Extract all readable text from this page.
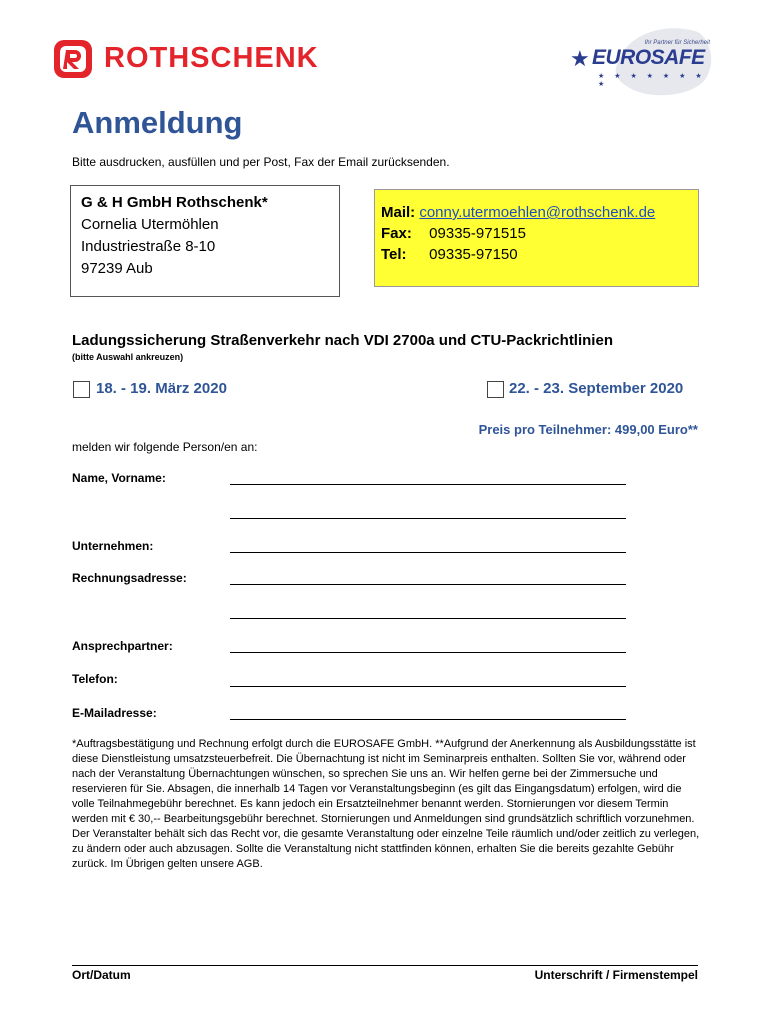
ROTHSCHENK	Ihr Partner für Sicherheit
★ EUROSAFE
★ ★ ★ ★ ★ ★ ★ ★
Anmeldung
Bitte ausdrucken, ausfüllen und per Post, Fax der Email zurücksenden.
G & H GmbH Rothschenk*
Cornelia Utermöhlen
Industriestraße 8-10
97239 Aub
Mail: conny.utermoehlen@rothschenk.de
Fax: 09335-971515
Tel: 09335-97150
Ladungssicherung Straßenverkehr nach VDI 2700a und CTU-Packrichtlinien
(bitte Auswahl ankreuzen)
18. - 19. März 2020	22. - 23. September 2020
Preis pro Teilnehmer: 499,00 Euro**
melden wir folgende Person/en an:
Name, Vorname:
Unternehmen:
Rechnungsadresse:
Ansprechpartner:
Telefon:
E-Mailadresse:
*Auftragsbestätigung und Rechnung erfolgt durch die EUROSAFE GmbH. **Aufgrund der Anerkennung als Ausbildungsstätte ist diese Dienstleistung umsatzsteuerbefreit. Die Übernachtung ist nicht im Seminarpreis enthalten. Sollten Sie vor, während oder nach der Veranstaltung Übernachtungen wünschen, so sprechen Sie uns an. Wir helfen gerne bei der Zimmersuche und reservieren für Sie. Absagen, die innerhalb 14 Tagen vor Veranstaltungsbeginn (es gilt das Eingangsdatum) erfolgen, wird die volle Teilnahmegebühr berechnet. Es kann jedoch ein Ersatzteilnehmer benannt werden. Stornierungen vor diesem Termin werden mit € 30,-- Bearbeitungsgebühr berechnet. Stornierungen und Anmeldungen sind grundsätzlich schriftlich vorzunehmen. Der Veranstalter behält sich das Recht vor, die gesamte Veranstaltung oder einzelne Teile räumlich und/oder zeitlich zu verlegen, zu ändern oder auch abzusagen. Sollte die Veranstaltung nicht stattfinden können, erhalten Sie die bereits gezahlte Gebühr zurück. Im Übrigen gelten unsere AGB.
Ort/Datum	Unterschrift / Firmenstempel
